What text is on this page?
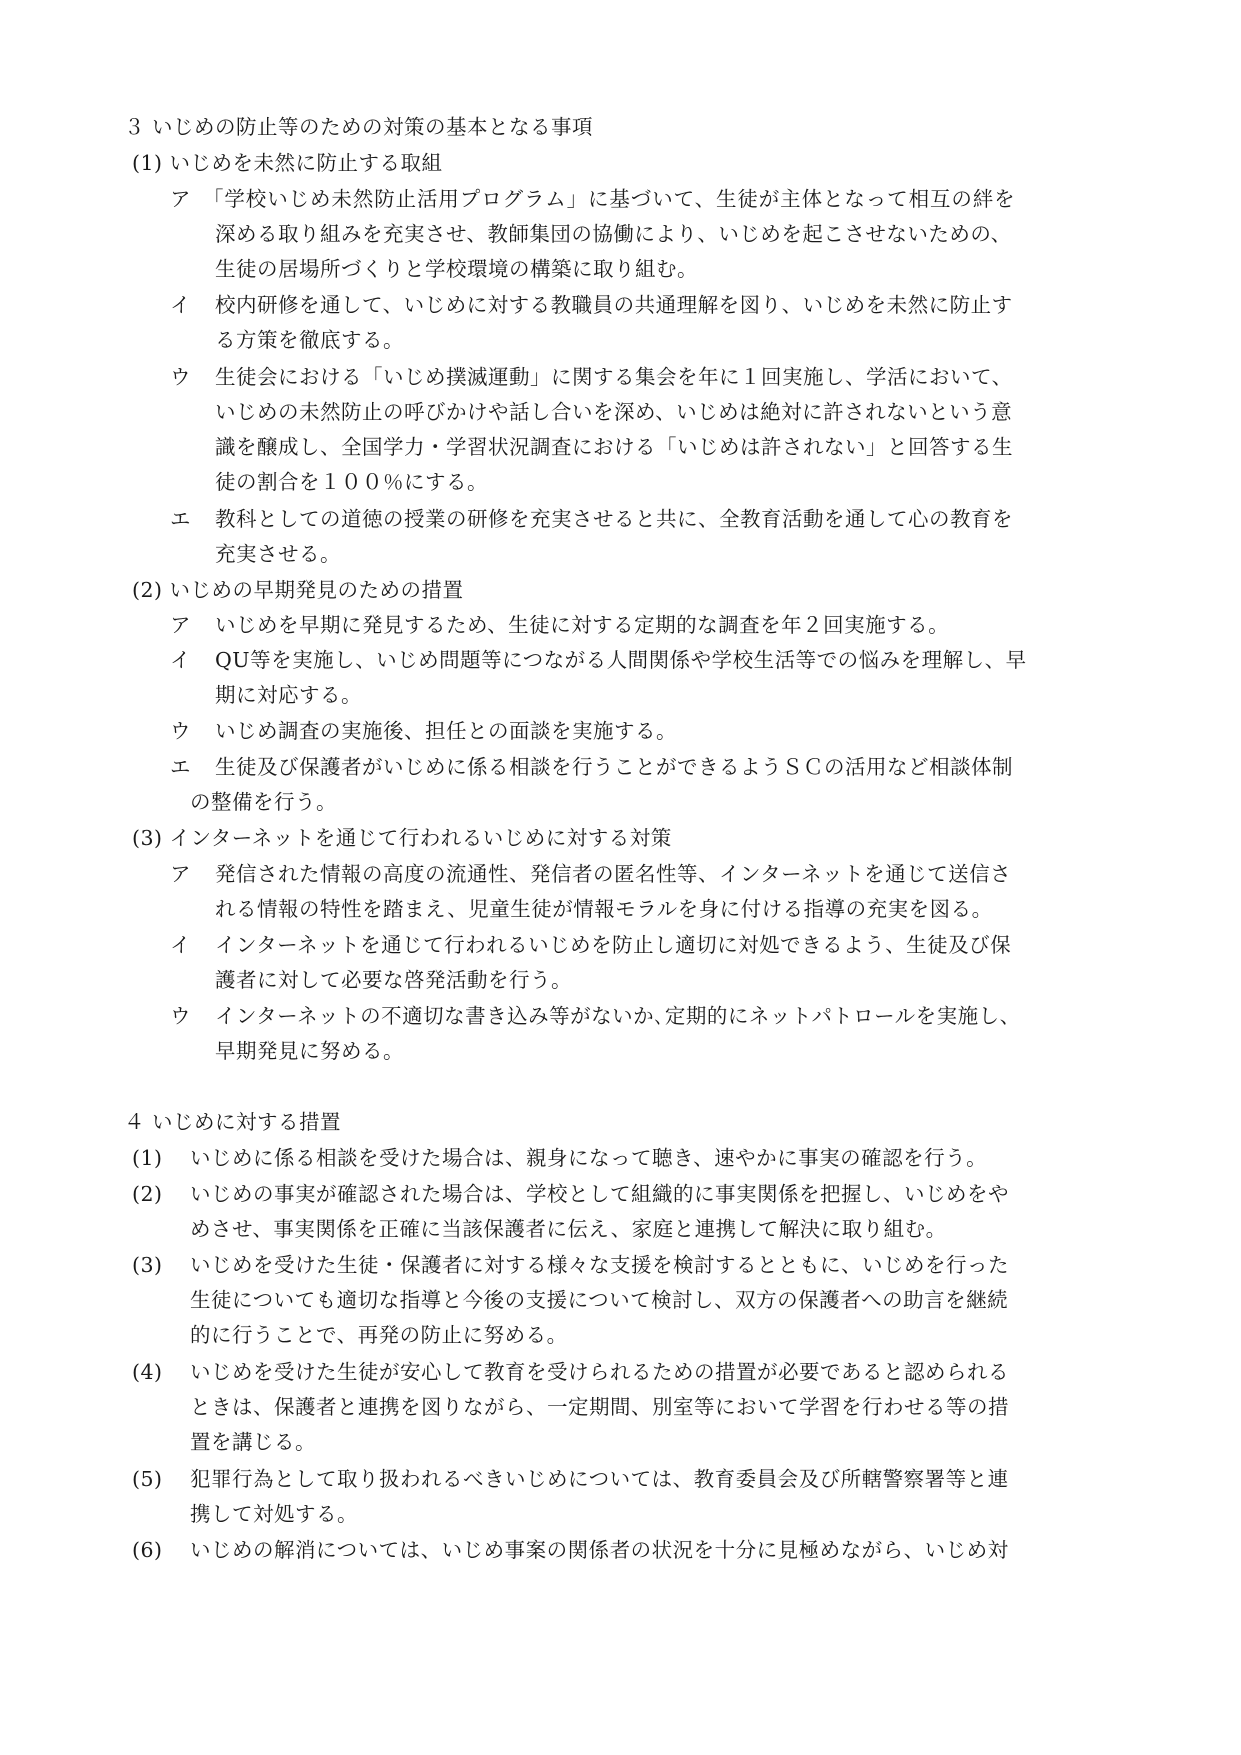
３ いじめの防止等のための対策の基本となる事項
(1) いじめを未然に防止する取組
ア 「学校いじめ未然防止活用プログラム」に基づいて、生徒が主体となって相互の絆を
深める取り組みを充実させ、教師集団の協働により、いじめを起こさせないための、
生徒の居場所づくりと学校環境の構築に取り組む。
イ 校内研修を通して、いじめに対する教職員の共通理解を図り、いじめを未然に防止す
る方策を徹底する。
ウ 生徒会における「いじめ撲滅運動」に関する集会を年に１回実施し、学活において、
いじめの未然防止の呼びかけや話し合いを深め、いじめは絶対に許されないという意
識を醸成し、全国学力・学習状況調査における「いじめは許されない」と回答する生
徒の割合を１００％にする。
エ 教科としての道徳の授業の研修を充実させると共に、全教育活動を通して心の教育を
充実させる。
(2) いじめの早期発見のための措置
ア いじめを早期に発見するため、生徒に対する定期的な調査を年２回実施する。
イ QU等を実施し、いじめ問題等につながる人間関係や学校生活等での悩みを理解し、早
期に対応する。
ウ いじめ調査の実施後、担任との面談を実施する。
エ 生徒及び保護者がいじめに係る相談を行うことができるようＳＣの活用など相談体制
の整備を行う。
(3) インターネットを通じて行われるいじめに対する対策
ア 発信された情報の高度の流通性、発信者の匿名性等、インターネットを通じて送信さ
れる情報の特性を踏まえ、児童生徒が情報モラルを身に付ける指導の充実を図る。
イ インターネットを通じて行われるいじめを防止し適切に対処できるよう、生徒及び保
護者に対して必要な啓発活動を行う。
ウ インターネットの不適切な書き込み等がないか､定期的にネットパトロールを実施し、
早期発見に努める。
４ いじめに対する措置
(1) いじめに係る相談を受けた場合は、親身になって聴き、速やかに事実の確認を行う。
(2) いじめの事実が確認された場合は、学校として組織的に事実関係を把握し、いじめをや
めさせ、事実関係を正確に当該保護者に伝え、家庭と連携して解決に取り組む。
(3) いじめを受けた生徒・保護者に対する様々な支援を検討するとともに、いじめを行った
生徒についても適切な指導と今後の支援について検討し、双方の保護者への助言を継続
的に行うことで、再発の防止に努める。
(4) いじめを受けた生徒が安心して教育を受けられるための措置が必要であると認められる
ときは、保護者と連携を図りながら、一定期間、別室等において学習を行わせる等の措
置を講じる。
(5) 犯罪行為として取り扱われるべきいじめについては、教育委員会及び所轄警察署等と連
携して対処する。
(6) いじめの解消については、いじめ事案の関係者の状況を十分に見極めながら、いじめ対
